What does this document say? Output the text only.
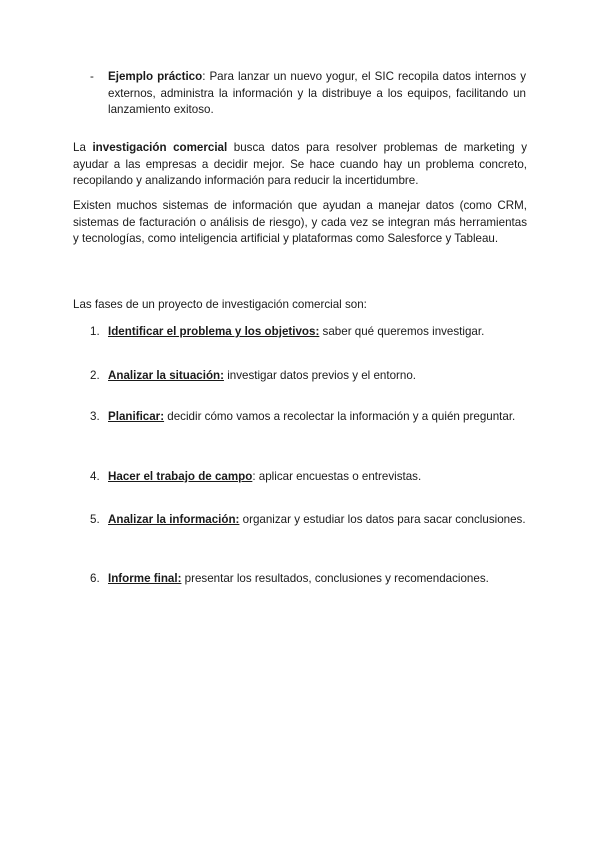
- Ejemplo práctico: Para lanzar un nuevo yogur, el SIC recopila datos internos y externos, administra la información y la distribuye a los equipos, facilitando un lanzamiento exitoso.

La investigación comercial busca datos para resolver problemas de marketing y ayudar a las empresas a decidir mejor. Se hace cuando hay un problema concreto, recopilando y analizando información para reducir la incertidumbre.

Existen muchos sistemas de información que ayudan a manejar datos (como CRM, sistemas de facturación o análisis de riesgo), y cada vez se integran más herramientas y tecnologías, como inteligencia artificial y plataformas como Salesforce y Tableau.

Las fases de un proyecto de investigación comercial son:

1. Identificar el problema y los objetivos: saber qué queremos investigar.
2. Analizar la situación: investigar datos previos y el entorno.
3. Planificar: decidir cómo vamos a recolectar la información y a quién preguntar.
4. Hacer el trabajo de campo: aplicar encuestas o entrevistas.
5. Analizar la información: organizar y estudiar los datos para sacar conclusiones.
6. Informe final: presentar los resultados, conclusiones y recomendaciones.
